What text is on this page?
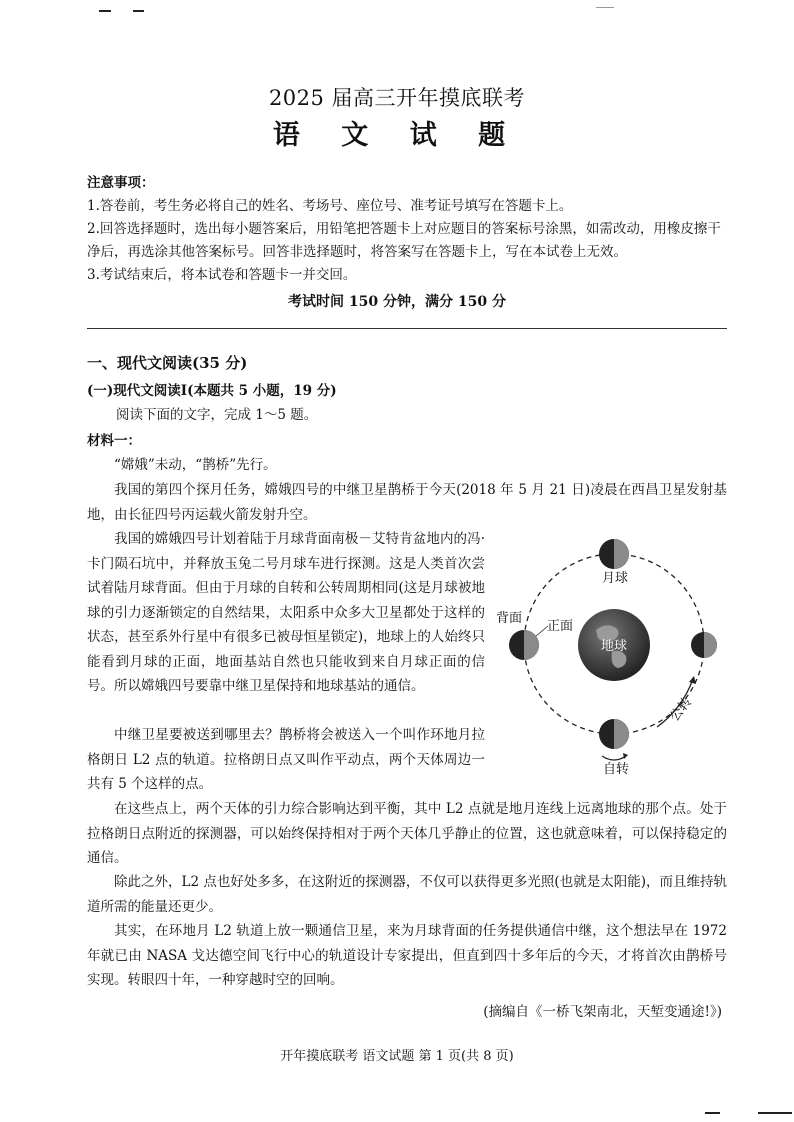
2025 届高三开年摸底联考
语 文 试 题

注意事项：

1.答卷前，考生务必将自己的姓名、考场号、座位号、准考证号填写在答题卡上。

2.回答选择题时，选出每小题答案后，用铅笔把答题卡上对应题目的答案标号涂黑，如需改动，用橡皮擦干净后，再选涂其他答案标号。回答非选择题时，将答案写在答题卡上，写在本试卷上无效。

3.考试结束后，将本试卷和答题卡一并交回。

考试时间 150 分钟，满分 150 分
一、现代文阅读(35 分)
(一)现代文阅读Ⅰ(本题共 5 小题，19 分)
阅读下面的文字，完成 1～5 题。
材料一：

“嫦娥”未动，“鹊桥”先行。

我国的第四个探月任务，嫦娥四号的中继卫星鹊桥于今天(2018 年 5 月 21 日)凌晨在西昌卫星发射基地，由长征四号丙运载火箭发射升空。

我国的嫦娥四号计划着陆于月球背面南极－艾特肯盆地内的冯·卡门陨石坑中，并释放玉兔二号月球车进行探测。这是人类首次尝试着陆月球背面。但由于月球的自转和公转周期相同(这是月球被地球的引力逐渐锁定的自然结果，太阳系中众多大卫星都处于这样的状态，甚至系外行星中有很多已被母恒星锁定)，地球上的人始终只能看到月球的正面，地面基站自然也只能收到来自月球正面的信号。所以嫦娥四号要靠中继卫星保持和地球基站的通信。

中继卫星要被送到哪里去？鹊桥将会被送入一个叫作环地月拉格朗日 L2 点的轨道。拉格朗日点又叫作平动点，两个天体周边一共有 5 个这样的点。

在这些点上，两个天体的引力综合影响达到平衡，其中 L2 点就是地月连线上远离地球的那个点。处于拉格朗日点附近的探测器，可以始终保持相对于两个天体几乎静止的位置，这也就意味着，可以保持稳定的通信。

除此之外，L2 点也好处多多，在这附近的探测器，不仅可以获得更多光照(也就是太阳能)，而且维持轨道所需的能量还更少。

其实，在环地月 L2 轨道上放一颗通信卫星，来为月球背面的任务提供通信中继，这个想法早在 1972 年就已由 NASA 戈达德空间飞行中心的轨道设计专家提出，但直到四十多年后的今天，才将首次由鹊桥号实现。转眼四十年，一种穿越时空的回响。

(摘编自《一桥飞架南北，天堑变通途!》)
地球
月球
背面
正面
自转
公转
开年摸底联考 语文试题 第 1 页(共 8 页)
